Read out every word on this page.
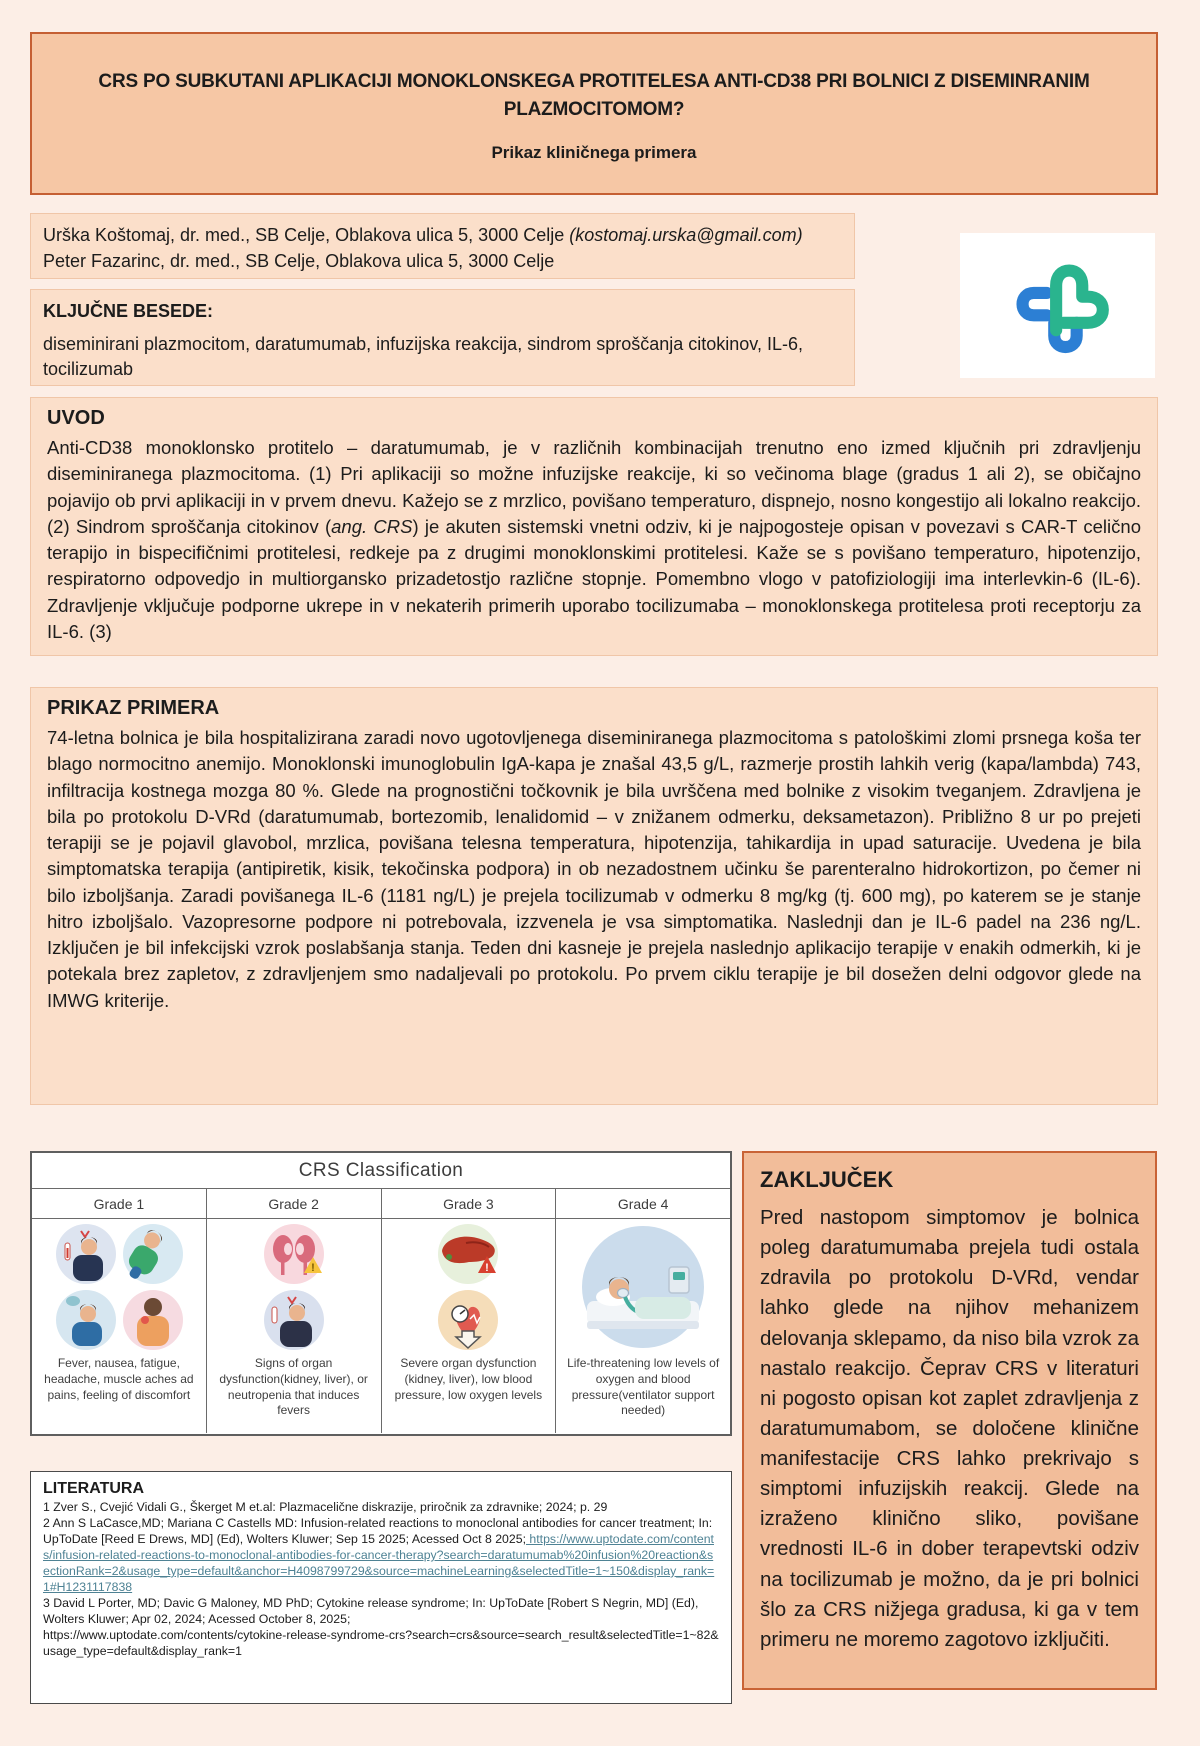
CRS PO SUBKUTANI APLIKACIJI MONOKLONSKEGA PROTITELESA ANTI-CD38 PRI BOLNICI Z DISEMINRANIM
PLAZMOCITOMOM?
Prikaz kliničnega primera
Urška Koštomaj, dr. med., SB Celje, Oblakova ulica 5, 3000 Celje (kostomaj.urska@gmail.com)
Peter Fazarinc, dr. med., SB Celje, Oblakova ulica 5, 3000 Celje
KLJUČNE BESEDE:
diseminirani plazmocitom, daratumumab, infuzijska reakcija, sindrom sproščanja citokinov, IL-6, tocilizumab
UVOD

Anti-CD38 monoklonsko protitelo – daratumumab, je v različnih kombinacijah trenutno eno izmed ključnih pri zdravljenju diseminiranega plazmocitoma. (1) Pri aplikaciji so možne infuzijske reakcije, ki so večinoma blage (gradus 1 ali 2), se običajno pojavijo ob prvi aplikaciji in v prvem dnevu. Kažejo se z mrzlico, povišano temperaturo, dispnejo, nosno kongestijo ali lokalno reakcijo. (2) Sindrom sproščanja citokinov (ang. CRS) je akuten sistemski vnetni odziv, ki je najpogosteje opisan v povezavi s CAR-T celično terapijo in bispecifičnimi protitelesi, redkeje pa z drugimi monoklonskimi protitelesi. Kaže se s povišano temperaturo, hipotenzijo, respiratorno odpovedjo in multiorgansko prizadetostjo različne stopnje. Pomembno vlogo v patofiziologiji ima interlevkin-6 (IL-6). Zdravljenje vključuje podporne ukrepe in v nekaterih primerih uporabo tocilizumaba – monoklonskega protitelesa proti receptorju za IL-6. (3)

PRIKAZ PRIMERA

74-letna bolnica je bila hospitalizirana zaradi novo ugotovljenega diseminiranega plazmocitoma s patološkimi zlomi prsnega koša ter blago normocitno anemijo. Monoklonski imunoglobulin IgA-kapa je znašal 43,5 g/L, razmerje prostih lahkih verig (kapa/lambda) 743, infiltracija kostnega mozga 80 %. Glede na prognostični točkovnik je bila uvrščena med bolnike z visokim tveganjem. Zdravljena je bila po protokolu D-VRd (daratumumab, bortezomib, lenalidomid – v znižanem odmerku, deksametazon). Približno 8 ur po prejeti terapiji se je pojavil glavobol, mrzlica, povišana telesna temperatura, hipotenzija, tahikardija in upad saturacije. Uvedena je bila simptomatska terapija (antipiretik, kisik, tekočinska podpora) in ob nezadostnem učinku še parenteralno hidrokortizon, po čemer ni bilo izboljšanja. Zaradi povišanega IL-6 (1181 ng/L) je prejela tocilizumab v odmerku 8 mg/kg (tj. 600 mg), po katerem se je stanje hitro izboljšalo. Vazopresorne podpore ni potrebovala, izzvenela je vsa simptomatika. Naslednji dan je IL-6 padel na 236 ng/L. Izključen je bil infekcijski vzrok poslabšanja stanja. Teden dni kasneje je prejela naslednjo aplikacijo terapije v enakih odmerkih, ki je potekala brez zapletov, z zdravljenjem smo nadaljevali po protokolu. Po prvem ciklu terapije je bil dosežen delni odgovor glede na IMWG kriterije.

CRS Classification
Grade 1
Fever, nausea, fatigue, headache, muscle aches ad pains, feeling of discomfort
Grade 2
!
Signs of organ dysfunction(kidney, liver), or neutropenia that induces fevers
Grade 3
!
Severe organ dysfunction (kidney, liver), low blood pressure, low oxygen levels
Grade 4
Life-threatening low levels of oxygen and blood pressure(ventilator support needed)
LITERATURA
1 Zver S., Cvejić Vidali G., Škerget M et.al: Plazmacelične diskrazije, priročnik za zdravnike; 2024; p. 29
2 Ann S LaCasce,MD; Mariana C Castells MD: Infusion-related reactions to monoclonal antibodies for cancer treatment; In: UpToDate [Reed E Drews, MD] (Ed), Wolters Kluwer; Sep 15 2025; Acessed Oct 8 2025; https://www.uptodate.com/contents/infusion-related-reactions-to-monoclonal-antibodies-for-cancer-therapy?search=daratumumab%20infusion%20reaction&sectionRank=2&usage_type=default&anchor=H4098799729&source=machineLearning&selectedTitle=1~150&display_rank=1#H1231117838
3 David L Porter, MD; Davic G Maloney, MD PhD; Cytokine release syndrome; In: UpToDate [Robert S Negrin, MD] (Ed), Wolters Kluwer; Apr 02, 2024; Acessed October 8, 2025;
https://www.uptodate.com/contents/cytokine-release-syndrome-crs?search=crs&source=search_result&selectedTitle=1~82&usage_type=default&display_rank=1
ZAKLJUČEK

Pred nastopom simptomov je bolnica poleg daratumumaba prejela tudi ostala zdravila po protokolu D-VRd, vendar lahko glede na njihov mehanizem delovanja sklepamo, da niso bila vzrok za nastalo reakcijo. Čeprav CRS v literaturi ni pogosto opisan kot zaplet zdravljenja z daratumumabom, se določene klinične manifestacije CRS lahko prekrivajo s simptomi infuzijskih reakcij. Glede na izraženo klinično sliko, povišane vrednosti IL-6 in dober terapevtski odziv na tocilizumab je možno, da je pri bolnici šlo za CRS nižjega gradusa, ki ga v tem primeru ne moremo zagotovo izključiti.
